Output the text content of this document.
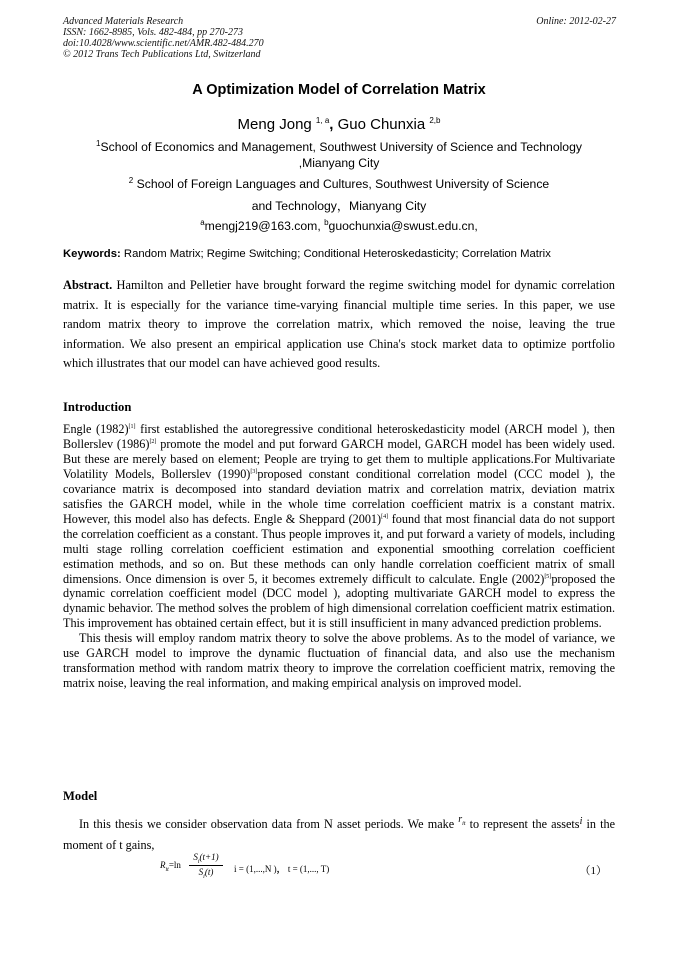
Advanced Materials Research
ISSN: 1662-8985, Vols. 482-484, pp 270-273
doi:10.4028/www.scientific.net/AMR.482-484.270
© 2012 Trans Tech Publications Ltd, Switzerland
Online: 2012-02-27
A Optimization Model of Correlation Matrix
Meng Jong $^{1, a}$, Guo Chunxia $^{2,b}$
$^1$School of Economics and Management, Southwest University of Science and Technology
,Mianyang City
$^2$ School of Foreign Languages and Cultures, Southwest University of Science
and Technology，Mianyang City
$^a$mengj219@163.com, $^b$guochunxia@swust.edu.cn,
Keywords: Random Matrix; Regime Switching; Conditional Heteroskedasticity; Correlation Matrix
Abstract. Hamilton and Pelletier have brought forward the regime switching model for dynamic correlation matrix. It is especially for the variance time-varying financial multiple time series. In this paper, we use random matrix theory to improve the correlation matrix, which removed the noise, leaving the true information. We also present an empirical application use China's stock market data to optimize portfolio which illustrates that our model can have achieved good results.
Introduction

Engle (1982)[1] first established the autoregressive conditional heteroskedasticity model (ARCH model ), then Bollerslev (1986)[2] promote the model and put forward GARCH model, GARCH model has been widely used. But these are merely based on element; People are trying to get them to multiple applications.For Multivariate Volatility Models, Bollerslev (1990)[3]proposed constant conditional correlation model (CCC model ), the covariance matrix is decomposed into standard deviation matrix and correlation matrix, deviation matrix satisfies the GARCH model, while in the whole time correlation coefficient matrix is a constant matrix. However, this model also has defects. Engle & Sheppard (2001)[4] found that most financial data do not support the correlation coefficient as a constant. Thus people improves it, and put forward a variety of models, including multi stage rolling correlation coefficient estimation and exponential smoothing correlation coefficient estimation methods, and so on. But these methods can only handle correlation coefficient matrix of small dimensions. Once dimension is over 5, it becomes extremely difficult to calculate. Engle (2002)[5]proposed the dynamic correlation coefficient model (DCC model ), adopting multivariate GARCH model to express the dynamic behavior. The method solves the problem of high dimensional correlation coefficient matrix estimation. This improvement has obtained certain effect, but it is still insufficient in many advanced prediction problems.

This thesis will employ random matrix theory to solve the above problems. As to the model of variance, we use GARCH model to improve the dynamic fluctuation of financial data, and also use the mechanism transformation method with random matrix theory to improve the correlation coefficient matrix, removing the matrix noise, leaving the real information, and making empirical analysis on improved model.

Model

In this thesis we consider observation data from N asset periods. We make $^{r_{it}}$ to represent the assets$^i$ in the moment of t gains,

$R_{it}=\ln$
$S_i(t+1)$
$S_i(t)$	i = (1,...,N )， t = (1,..., T)	（1）
